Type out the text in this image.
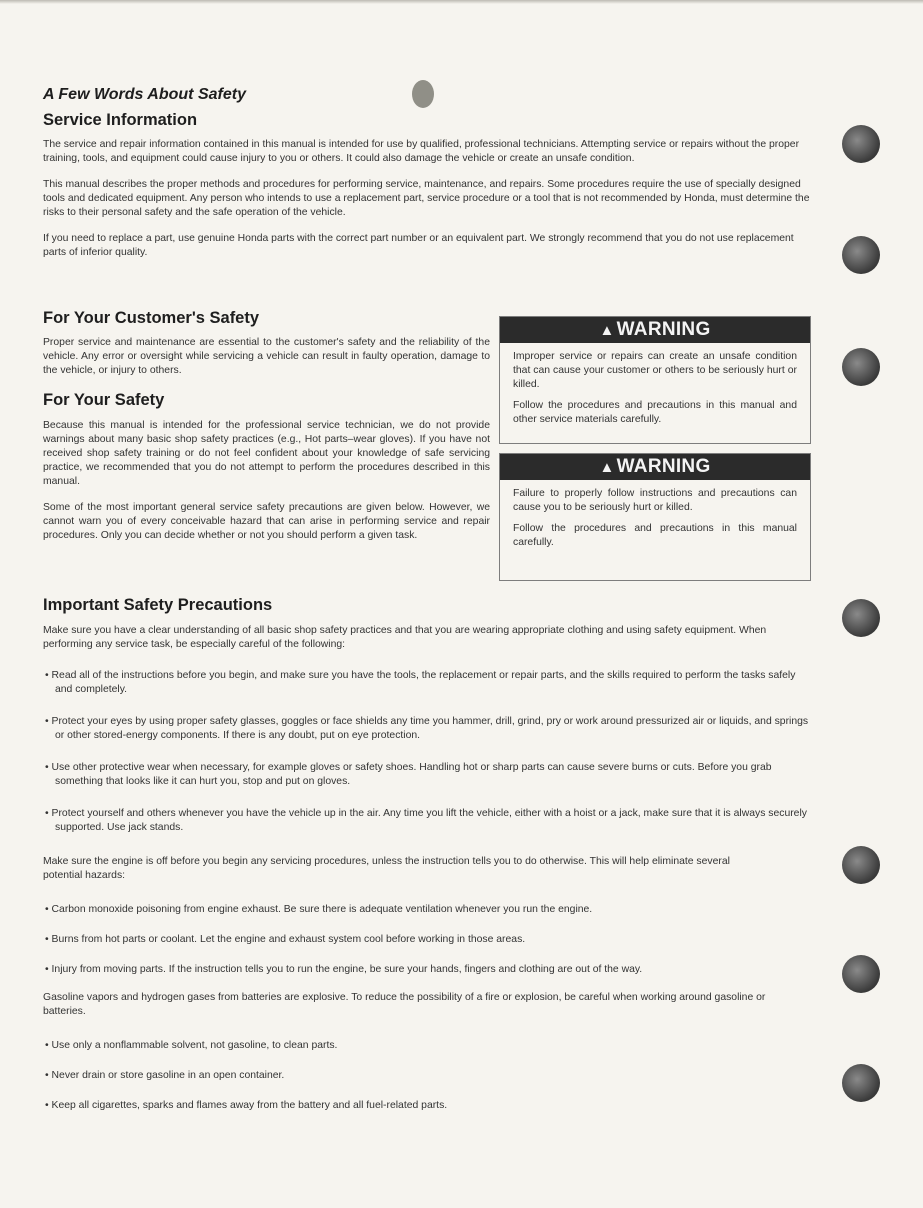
A Few Words About Safety
Service Information

The service and repair information contained in this manual is intended for use by qualified, professional technicians. Attempting service or repairs without the proper training, tools, and equipment could cause injury to you or others. It could also damage the vehicle or create an unsafe condition.

This manual describes the proper methods and procedures for performing service, maintenance, and repairs. Some procedures require the use of specially designed tools and dedicated equipment. Any person who intends to use a replacement part, service procedure or a tool that is not recommended by Honda, must determine the risks to their personal safety and the safe operation of the vehicle.

If you need to replace a part, use genuine Honda parts with the correct part number or an equivalent part. We strongly recommend that you do not use replacement parts of inferior quality.

For Your Customer's Safety

Proper service and maintenance are essential to the customer's safety and the reliability of the vehicle. Any error or oversight while servicing a vehicle can result in faulty operation, damage to the vehicle, or injury to others.

For Your Safety

Because this manual is intended for the professional service technician, we do not provide warnings about many basic shop safety practices (e.g., Hot parts–wear gloves). If you have not received shop safety training or do not feel confident about your knowledge of safe servicing practice, we recommended that you do not attempt to perform the procedures described in this manual.

Some of the most important general service safety precautions are given below. However, we cannot warn you of every conceivable hazard that can arise in performing service and repair procedures. Only you can decide whether or not you should perform a given task.

▲ WARNING

Improper service or repairs can create an unsafe condition that can cause your customer or others to be seriously hurt or killed.

Follow the procedures and precautions in this manual and other service materials carefully.

▲ WARNING

Failure to properly follow instructions and precautions can cause you to be seriously hurt or killed.

Follow the procedures and precautions in this manual carefully.

Important Safety Precautions

Make sure you have a clear understanding of all basic shop safety practices and that you are wearing appropriate clothing and using safety equipment. When performing any service task, be especially careful of the following:

• Read all of the instructions before you begin, and make sure you have the tools, the replacement or repair parts, and the skills required to perform the tasks safely and completely.

• Protect your eyes by using proper safety glasses, goggles or face shields any time you hammer, drill, grind, pry or work around pressurized air or liquids, and springs or other stored-energy components. If there is any doubt, put on eye protection.

• Use other protective wear when necessary, for example gloves or safety shoes. Handling hot or sharp parts can cause severe burns or cuts. Before you grab something that looks like it can hurt you, stop and put on gloves.

• Protect yourself and others whenever you have the vehicle up in the air. Any time you lift the vehicle, either with a hoist or a jack, make sure that it is always securely supported. Use jack stands.

Make sure the engine is off before you begin any servicing procedures, unless the instruction tells you to do otherwise. This will help eliminate several potential hazards:

• Carbon monoxide poisoning from engine exhaust. Be sure there is adequate ventilation whenever you run the engine.

• Burns from hot parts or coolant. Let the engine and exhaust system cool before working in those areas.

• Injury from moving parts. If the instruction tells you to run the engine, be sure your hands, fingers and clothing are out of the way.

Gasoline vapors and hydrogen gases from batteries are explosive. To reduce the possibility of a fire or explosion, be careful when working around gasoline or batteries.

• Use only a nonflammable solvent, not gasoline, to clean parts.

• Never drain or store gasoline in an open container.

• Keep all cigarettes, sparks and flames away from the battery and all fuel-related parts.
